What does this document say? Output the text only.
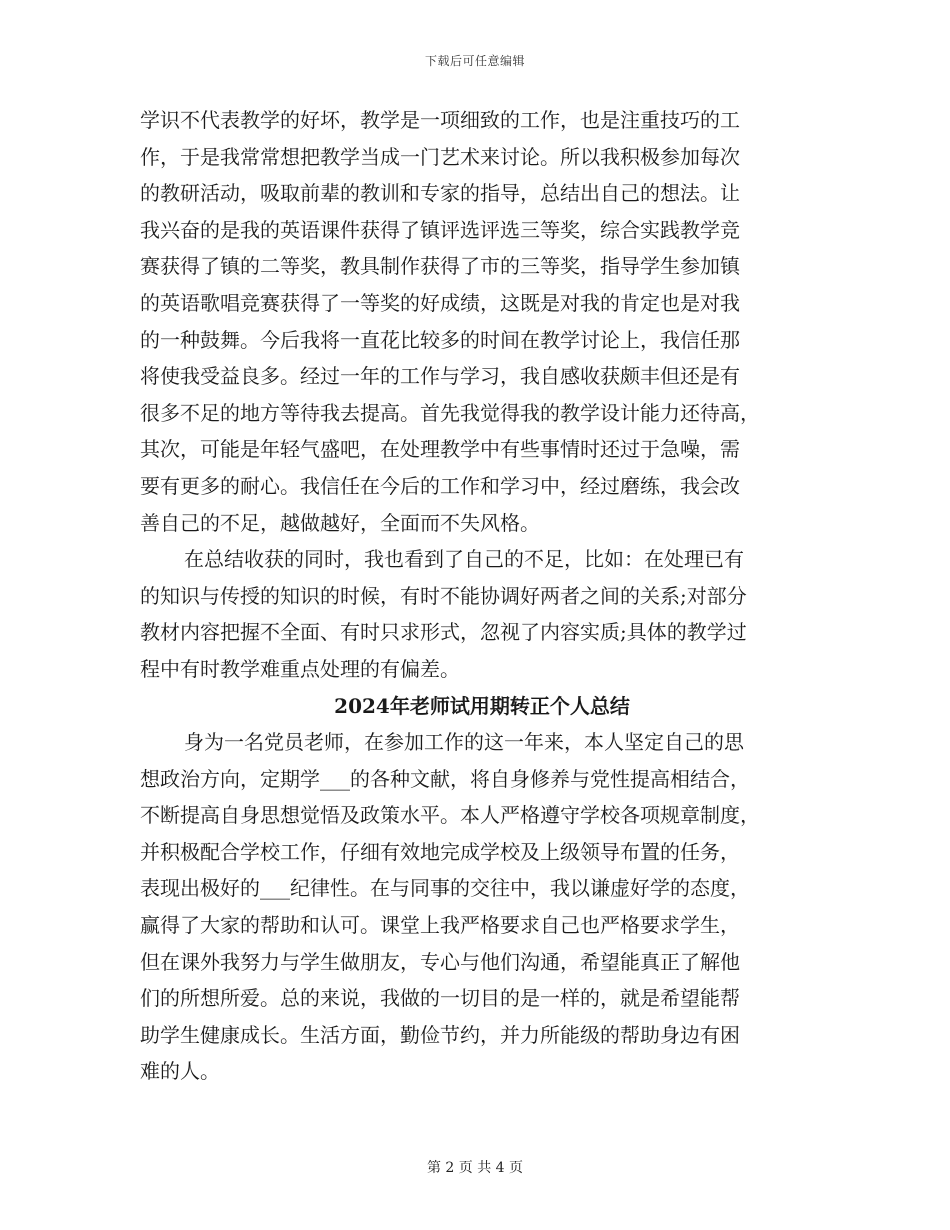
下载后可任意编辑
学识不代表教学的好坏，教学是一项细致的工作，也是注重技巧的工
作，于是我常常想把教学当成一门艺术来讨论。所以我积极参加每次
的教研活动，吸取前辈的教训和专家的指导，总结出自己的想法。让
我兴奋的是我的英语课件获得了镇评选评选三等奖，综合实践教学竞
赛获得了镇的二等奖，教具制作获得了市的三等奖，指导学生参加镇
的英语歌唱竞赛获得了一等奖的好成绩，这既是对我的肯定也是对我
的一种鼓舞。今后我将一直花比较多的时间在教学讨论上，我信任那
将使我受益良多。经过一年的工作与学习，我自感收获颇丰但还是有
很多不足的地方等待我去提高。首先我觉得我的教学设计能力还待高，
其次，可能是年轻气盛吧，在处理教学中有些事情时还过于急噪，需
要有更多的耐心。我信任在今后的工作和学习中，经过磨练，我会改
善自己的不足，越做越好，全面而不失风格。
在总结收获的同时，我也看到了自己的不足，比如：在处理已有
的知识与传授的知识的时候，有时不能协调好两者之间的关系;对部分
教材内容把握不全面、有时只求形式，忽视了内容实质;具体的教学过
程中有时教学难重点处理的有偏差。
2024年老师试用期转正个人总结
身为一名党员老师，在参加工作的这一年来，本人坚定自己的思
想政治方向，定期学___的各种文献，将自身修养与党性提高相结合，
不断提高自身思想觉悟及政策水平。本人严格遵守学校各项规章制度，
并积极配合学校工作，仔细有效地完成学校及上级领导布置的任务，
表现出极好的___纪律性。在与同事的交往中，我以谦虚好学的态度，
赢得了大家的帮助和认可。课堂上我严格要求自己也严格要求学生，
但在课外我努力与学生做朋友，专心与他们沟通，希望能真正了解他
们的所想所爱。总的来说，我做的一切目的是一样的，就是希望能帮
助学生健康成长。生活方面，勤俭节约，并力所能级的帮助身边有困
难的人。
第 2 页 共 4 页
